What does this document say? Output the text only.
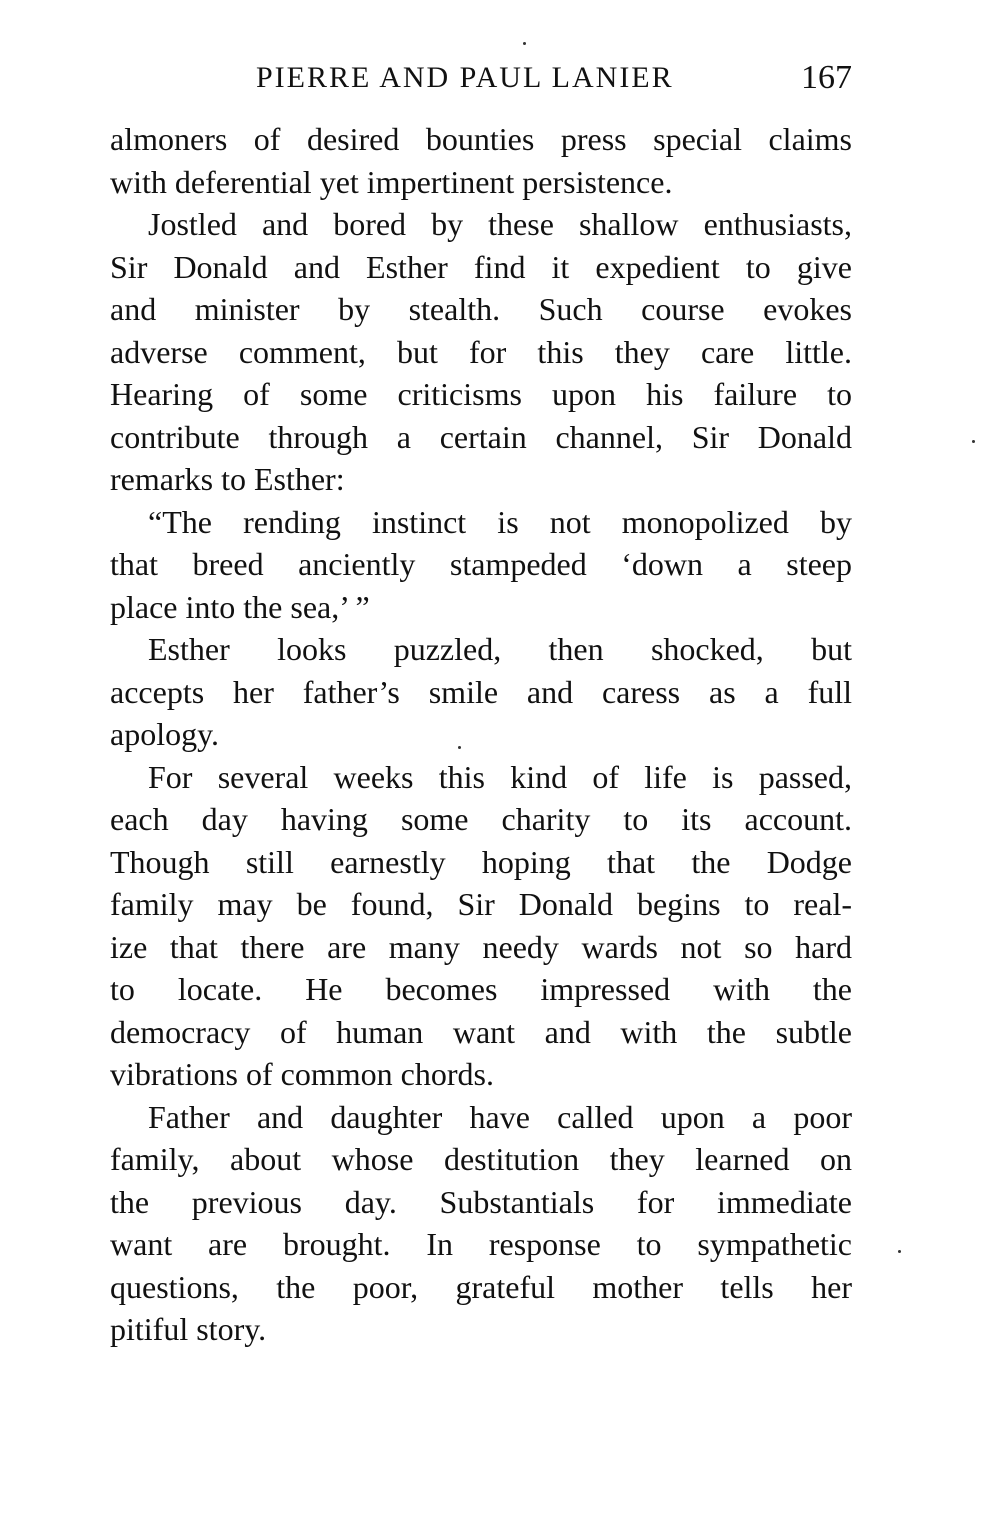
PIERRE AND PAUL LANIER	167
almoners of desired bounties press special claims
with deferential yet impertinent persistence.
Jostled and bored by these shallow enthusiasts,
Sir Donald and Esther find it expedient to give
and minister by stealth. Such course evokes
adverse comment, but for this they care little.
Hearing of some criticisms upon his failure to
contribute through a certain channel, Sir Donald
remarks to Esther:
“The rending instinct is not monopolized by
that breed anciently stampeded ‘down a steep
place into the sea,’ ”
Esther looks puzzled, then shocked, but
accepts her father’s smile and caress as a full
apology.
For several weeks this kind of life is passed,
each day having some charity to its account.
Though still earnestly hoping that the Dodge
family may be found, Sir Donald begins to real-
ize that there are many needy wards not so hard
to locate. He becomes impressed with the
democracy of human want and with the subtle
vibrations of common chords.
Father and daughter have called upon a poor
family, about whose destitution they learned on
the previous day. Substantials for immediate
want are brought. In response to sympathetic
questions, the poor, grateful mother tells her
pitiful story.
